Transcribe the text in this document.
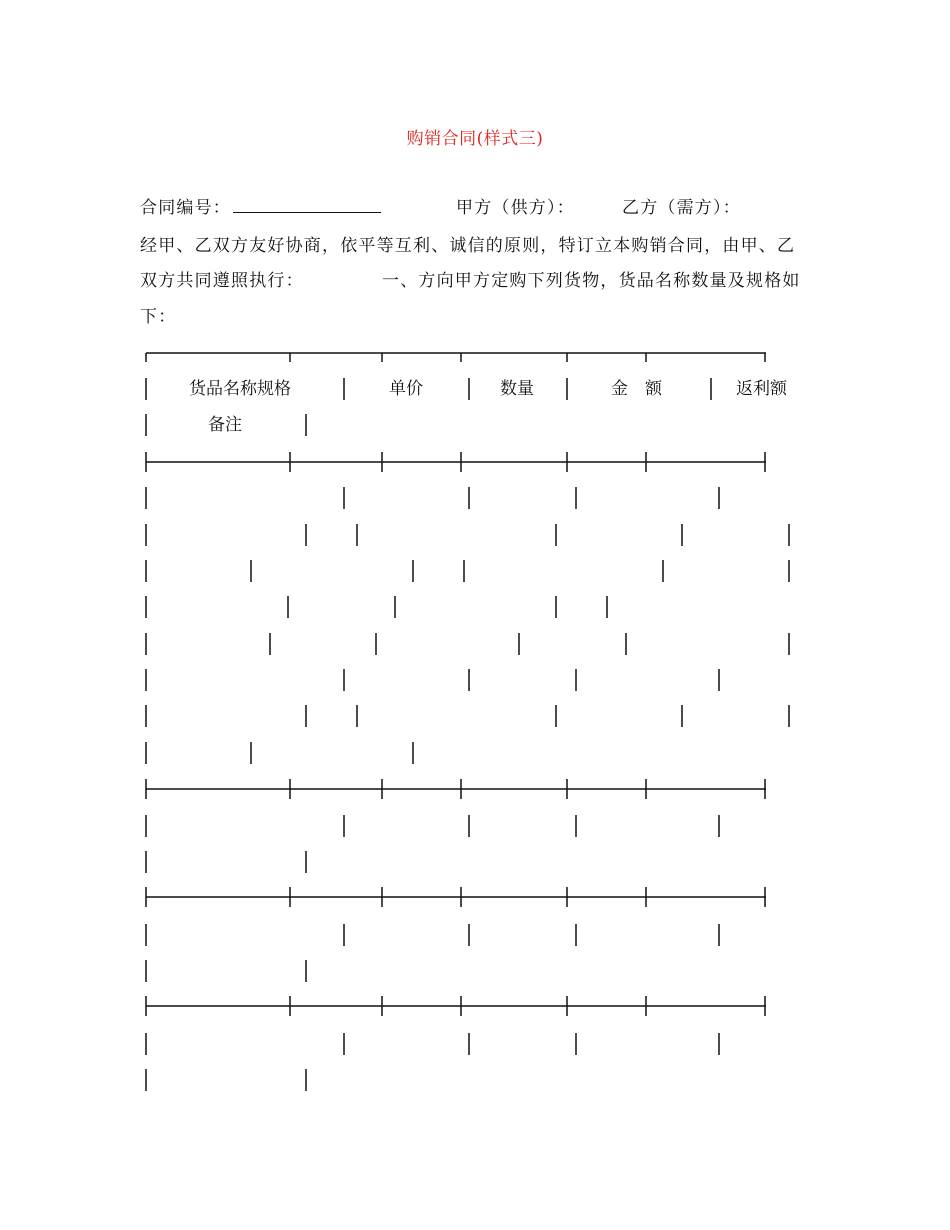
购销合同(样式三)
合同编号：	甲方（供方）：	乙方（需方）：
经甲、乙双方友好协商，依平等互利、诚信的原则，特订立本购销合同，由甲、乙
双方共同遵照执行：	一、方向甲方定购下列货物，货品名称数量及规格如
下：
货品名称规格	单价	数量	金　额	返利额
备注
